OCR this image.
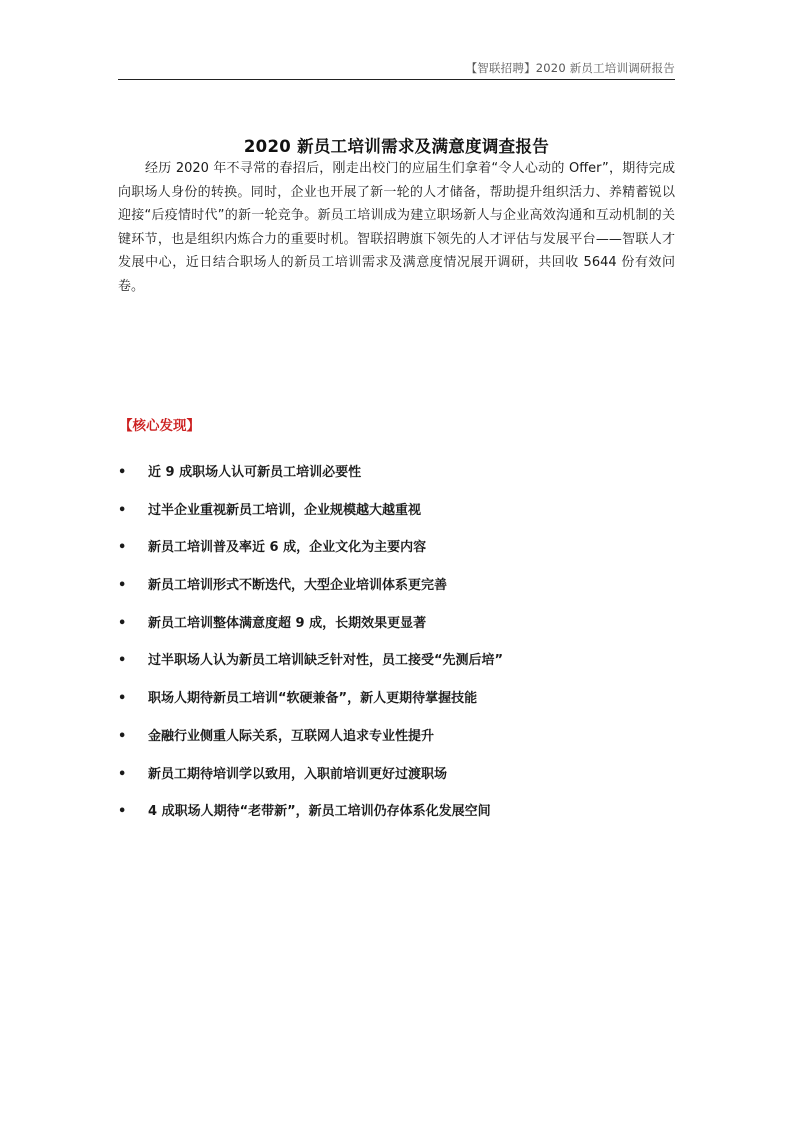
【智联招聘】2020 新员工培训调研报告
2020 新员工培训需求及满意度调查报告

经历 2020 年不寻常的春招后，刚走出校门的应届生们拿着“令人心动的 Offer”，期待完成向职场人身份的转换。同时，企业也开展了新一轮的人才储备，帮助提升组织活力、养精蓄锐以迎接“后疫情时代”的新一轮竞争。新员工培训成为建立职场新人与企业高效沟通和互动机制的关键环节，也是组织内炼合力的重要时机。智联招聘旗下领先的人才评估与发展平台——智联人才发展中心，近日结合职场人的新员工培训需求及满意度情况展开调研，共回收 5644 份有效问卷。

【核心发现】
• 近 9 成职场人认可新员工培训必要性
• 过半企业重视新员工培训，企业规模越大越重视
• 新员工培训普及率近 6 成，企业文化为主要内容
• 新员工培训形式不断迭代，大型企业培训体系更完善
• 新员工培训整体满意度超 9 成，长期效果更显著
• 过半职场人认为新员工培训缺乏针对性，员工接受“先测后培”
• 职场人期待新员工培训“软硬兼备”，新人更期待掌握技能
• 金融行业侧重人际关系，互联网人追求专业性提升
• 新员工期待培训学以致用，入职前培训更好过渡职场
• 4 成职场人期待“老带新”，新员工培训仍存体系化发展空间
